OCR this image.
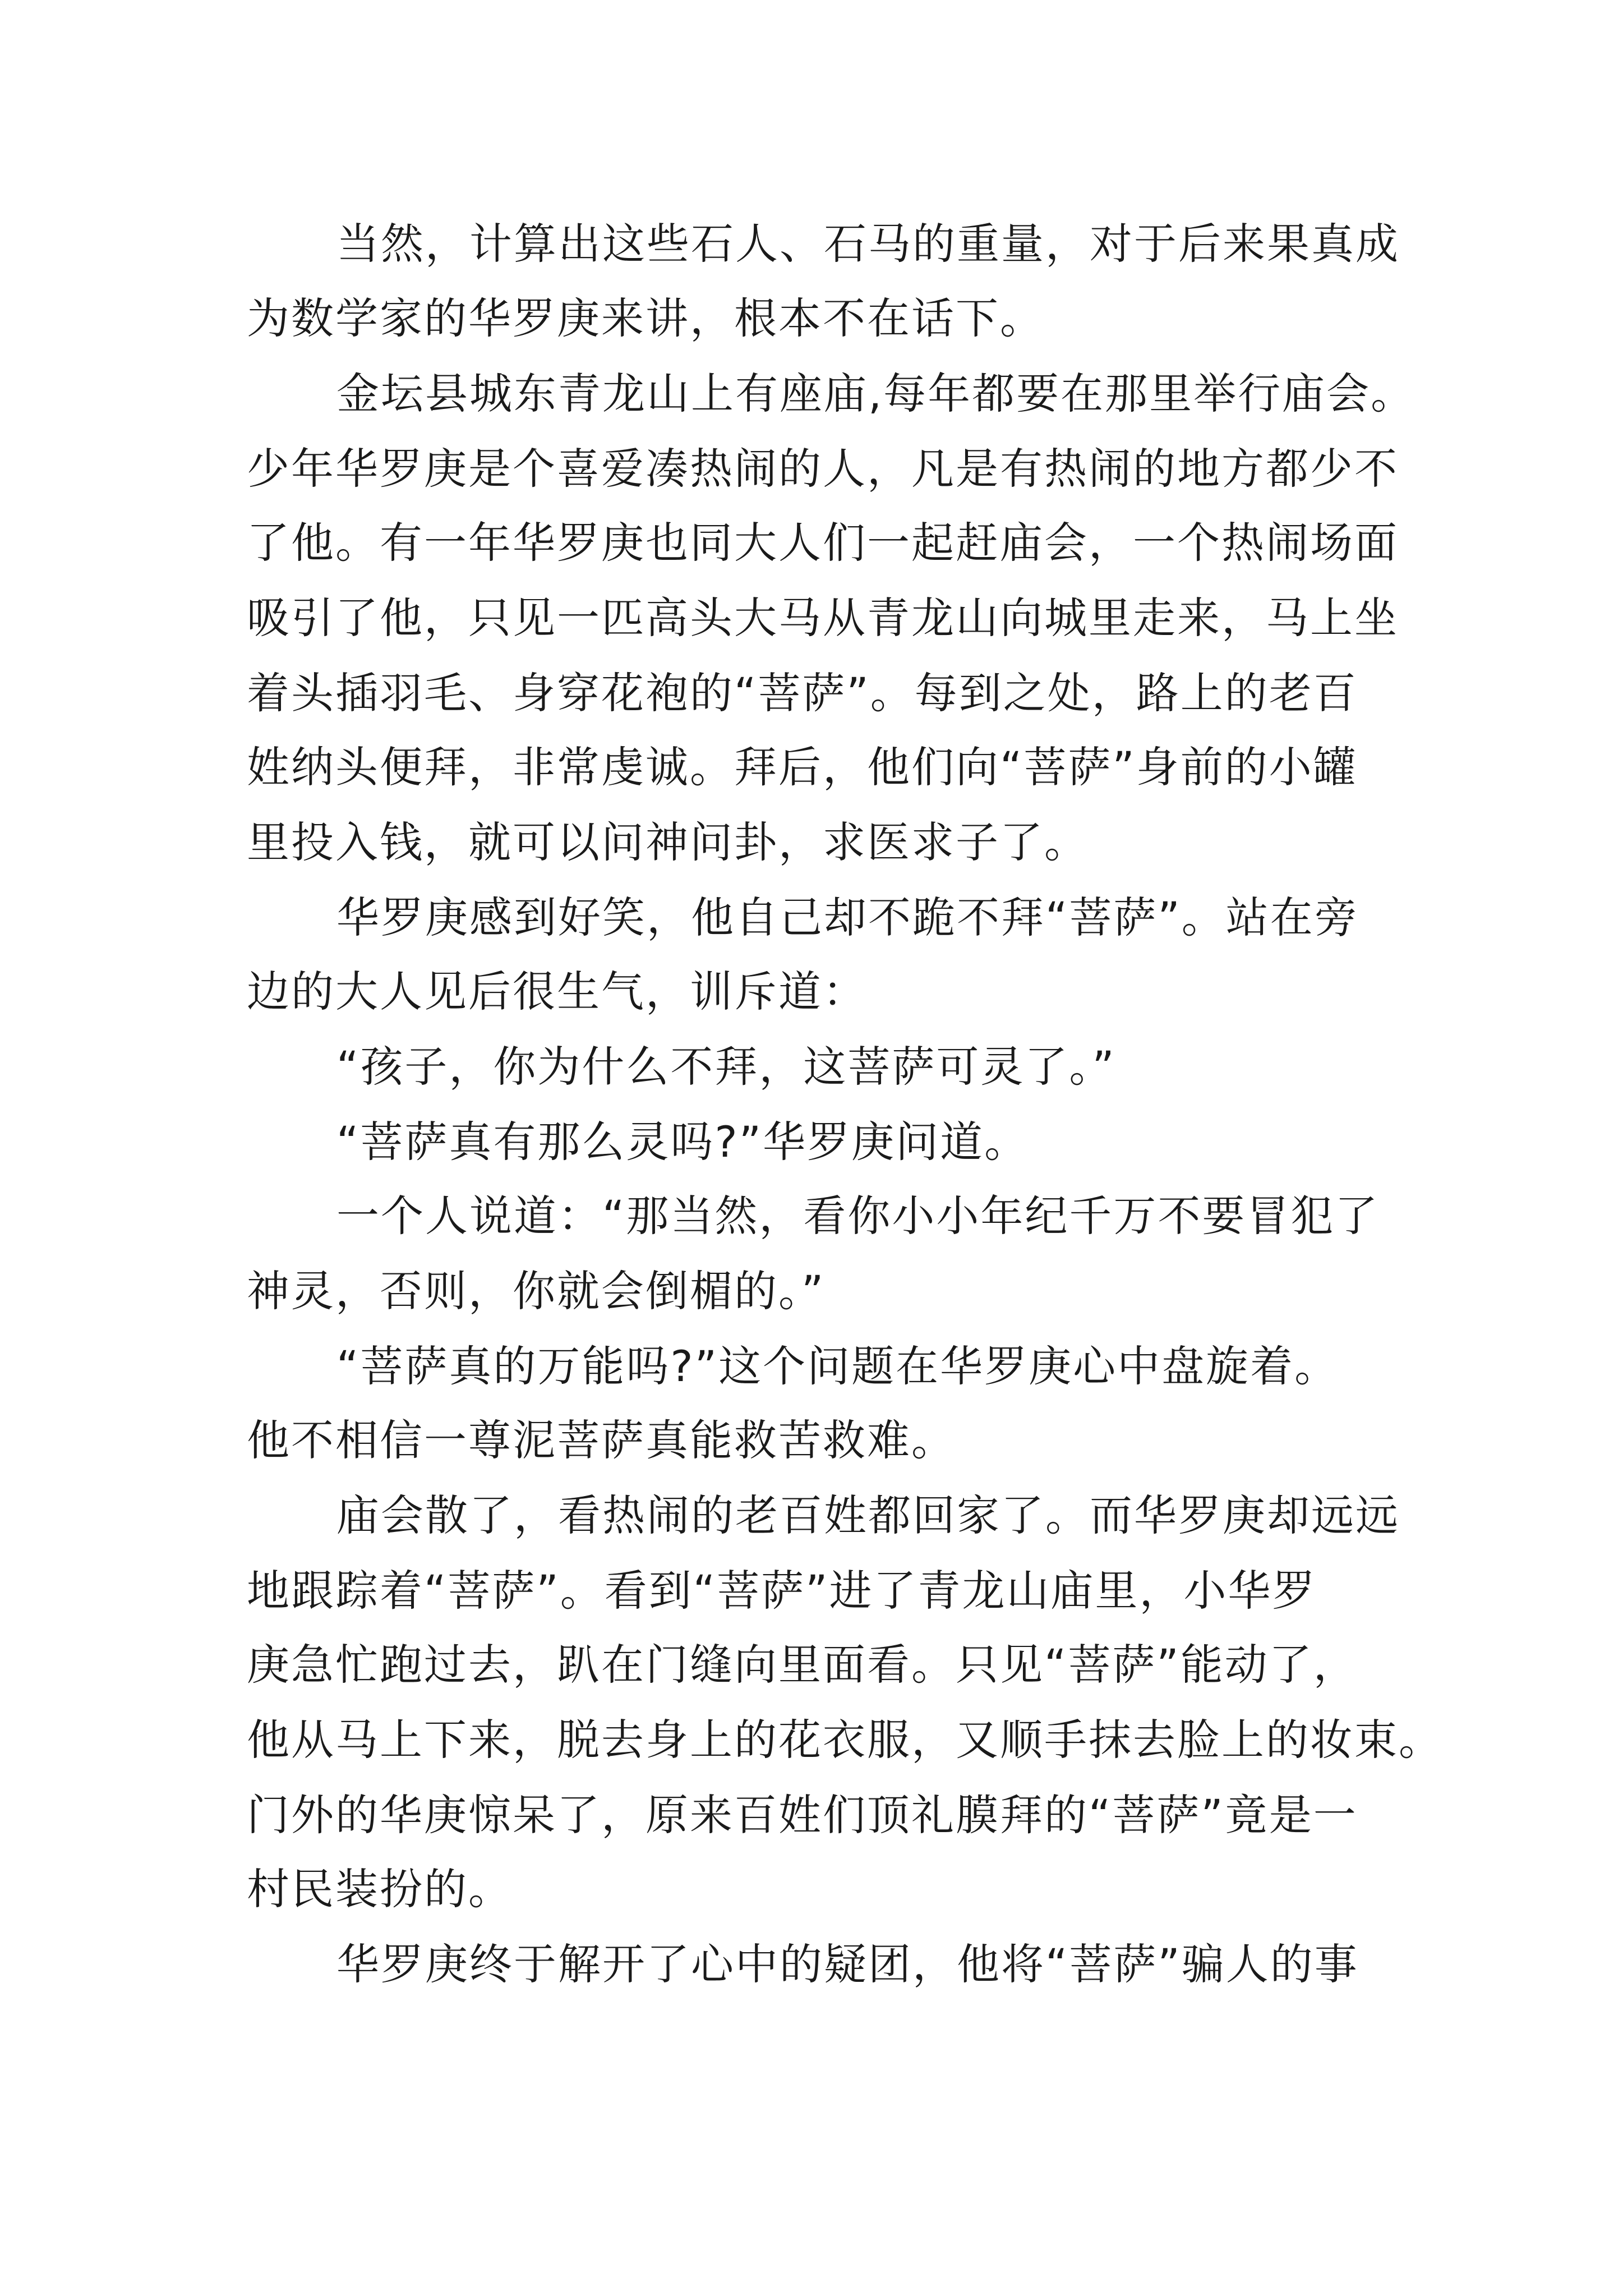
当然，计算出这些石人、石马的重量，对于后来果真成
为数学家的华罗庚来讲，根本不在话下。
金坛县城东青龙山上有座庙,每年都要在那里举行庙会。
少年华罗庚是个喜爱凑热闹的人，凡是有热闹的地方都少不
了他。有一年华罗庚也同大人们一起赶庙会，一个热闹场面
吸引了他，只见一匹高头大马从青龙山向城里走来，马上坐
着头插羽毛、身穿花袍的“菩萨”。每到之处，路上的老百
姓纳头便拜，非常虔诚。拜后，他们向“菩萨”身前的小罐
里投入钱，就可以问神问卦，求医求子了。
华罗庚感到好笑，他自己却不跪不拜“菩萨”。站在旁
边的大人见后很生气，训斥道：
“孩子，你为什么不拜，这菩萨可灵了。”
“菩萨真有那么灵吗?”华罗庚问道。
一个人说道：“那当然，看你小小年纪千万不要冒犯了
神灵，否则，你就会倒楣的。”
“菩萨真的万能吗?”这个问题在华罗庚心中盘旋着。
他不相信一尊泥菩萨真能救苦救难。
庙会散了，看热闹的老百姓都回家了。而华罗庚却远远
地跟踪着“菩萨”。看到“菩萨”进了青龙山庙里，小华罗
庚急忙跑过去，趴在门缝向里面看。只见“菩萨”能动了，
他从马上下来，脱去身上的花衣服，又顺手抹去脸上的妆束。
门外的华庚惊呆了，原来百姓们顶礼膜拜的“菩萨”竟是一
村民装扮的。
华罗庚终于解开了心中的疑团，他将“菩萨”骗人的事
